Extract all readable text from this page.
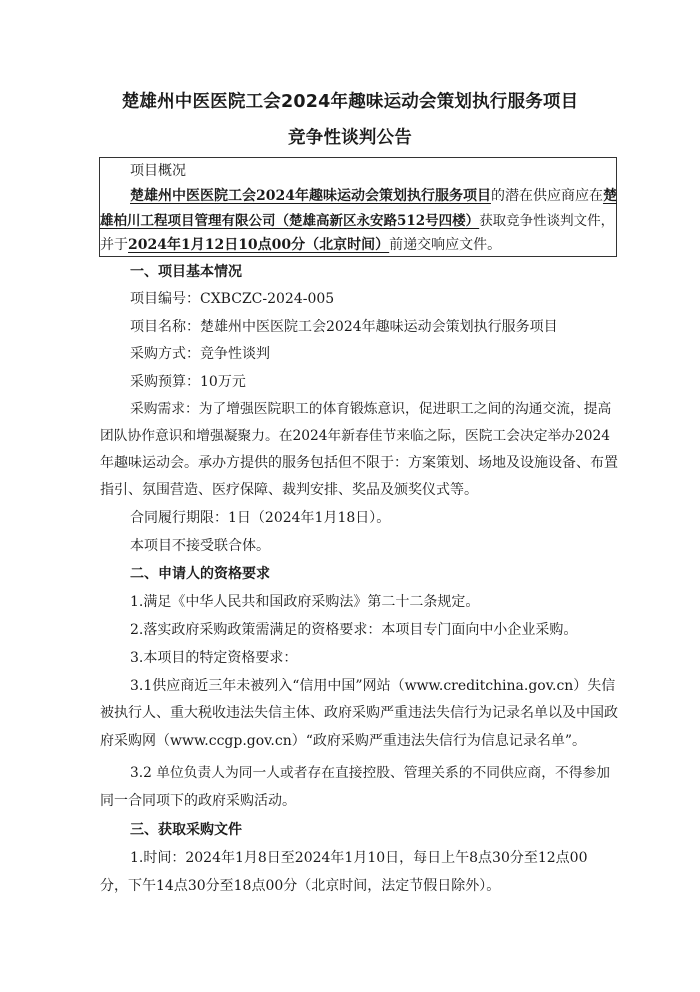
楚雄州中医医院工会2024年趣味运动会策划执行服务项目
竞争性谈判公告
项目概况
楚雄州中医医院工会2024年趣味运动会策划执行服务项目的潜在供应商应在楚
雄柏川工程项目管理有限公司（楚雄高新区永安路512号四楼）获取竞争性谈判文件，
并于2024年1月12日10点00分（北京时间）前递交响应文件。
一、项目基本情况
项目编号：CXBCZC-2024-005
项目名称：楚雄州中医医院工会2024年趣味运动会策划执行服务项目
采购方式：竞争性谈判
采购预算：10万元
采购需求：为了增强医院职工的体育锻炼意识，促进职工之间的沟通交流，提高
团队协作意识和增强凝聚力。在2024年新春佳节来临之际，医院工会决定举办2024
年趣味运动会。承办方提供的服务包括但不限于：方案策划、场地及设施设备、布置
指引、氛围营造、医疗保障、裁判安排、奖品及颁奖仪式等。
合同履行期限：1日（2024年1月18日）。
本项目不接受联合体。
二、申请人的资格要求
1.满足《中华人民共和国政府采购法》第二十二条规定。
2.落实政府采购政策需满足的资格要求：本项目专门面向中小企业采购。
3.本项目的特定资格要求：
3.1供应商近三年未被列入“信用中国”网站（www.creditchina.gov.cn）失信
被执行人、重大税收违法失信主体、政府采购严重违法失信行为记录名单以及中国政
府采购网（www.ccgp.gov.cn）“政府采购严重违法失信行为信息记录名单”。
3.2 单位负责人为同一人或者存在直接控股、管理关系的不同供应商，不得参加
同一合同项下的政府采购活动。
三、获取采购文件
1.时间：2024年1月8日至2024年1月10日，每日上午8点30分至12点00
分，下午14点30分至18点00分（北京时间，法定节假日除外）。
